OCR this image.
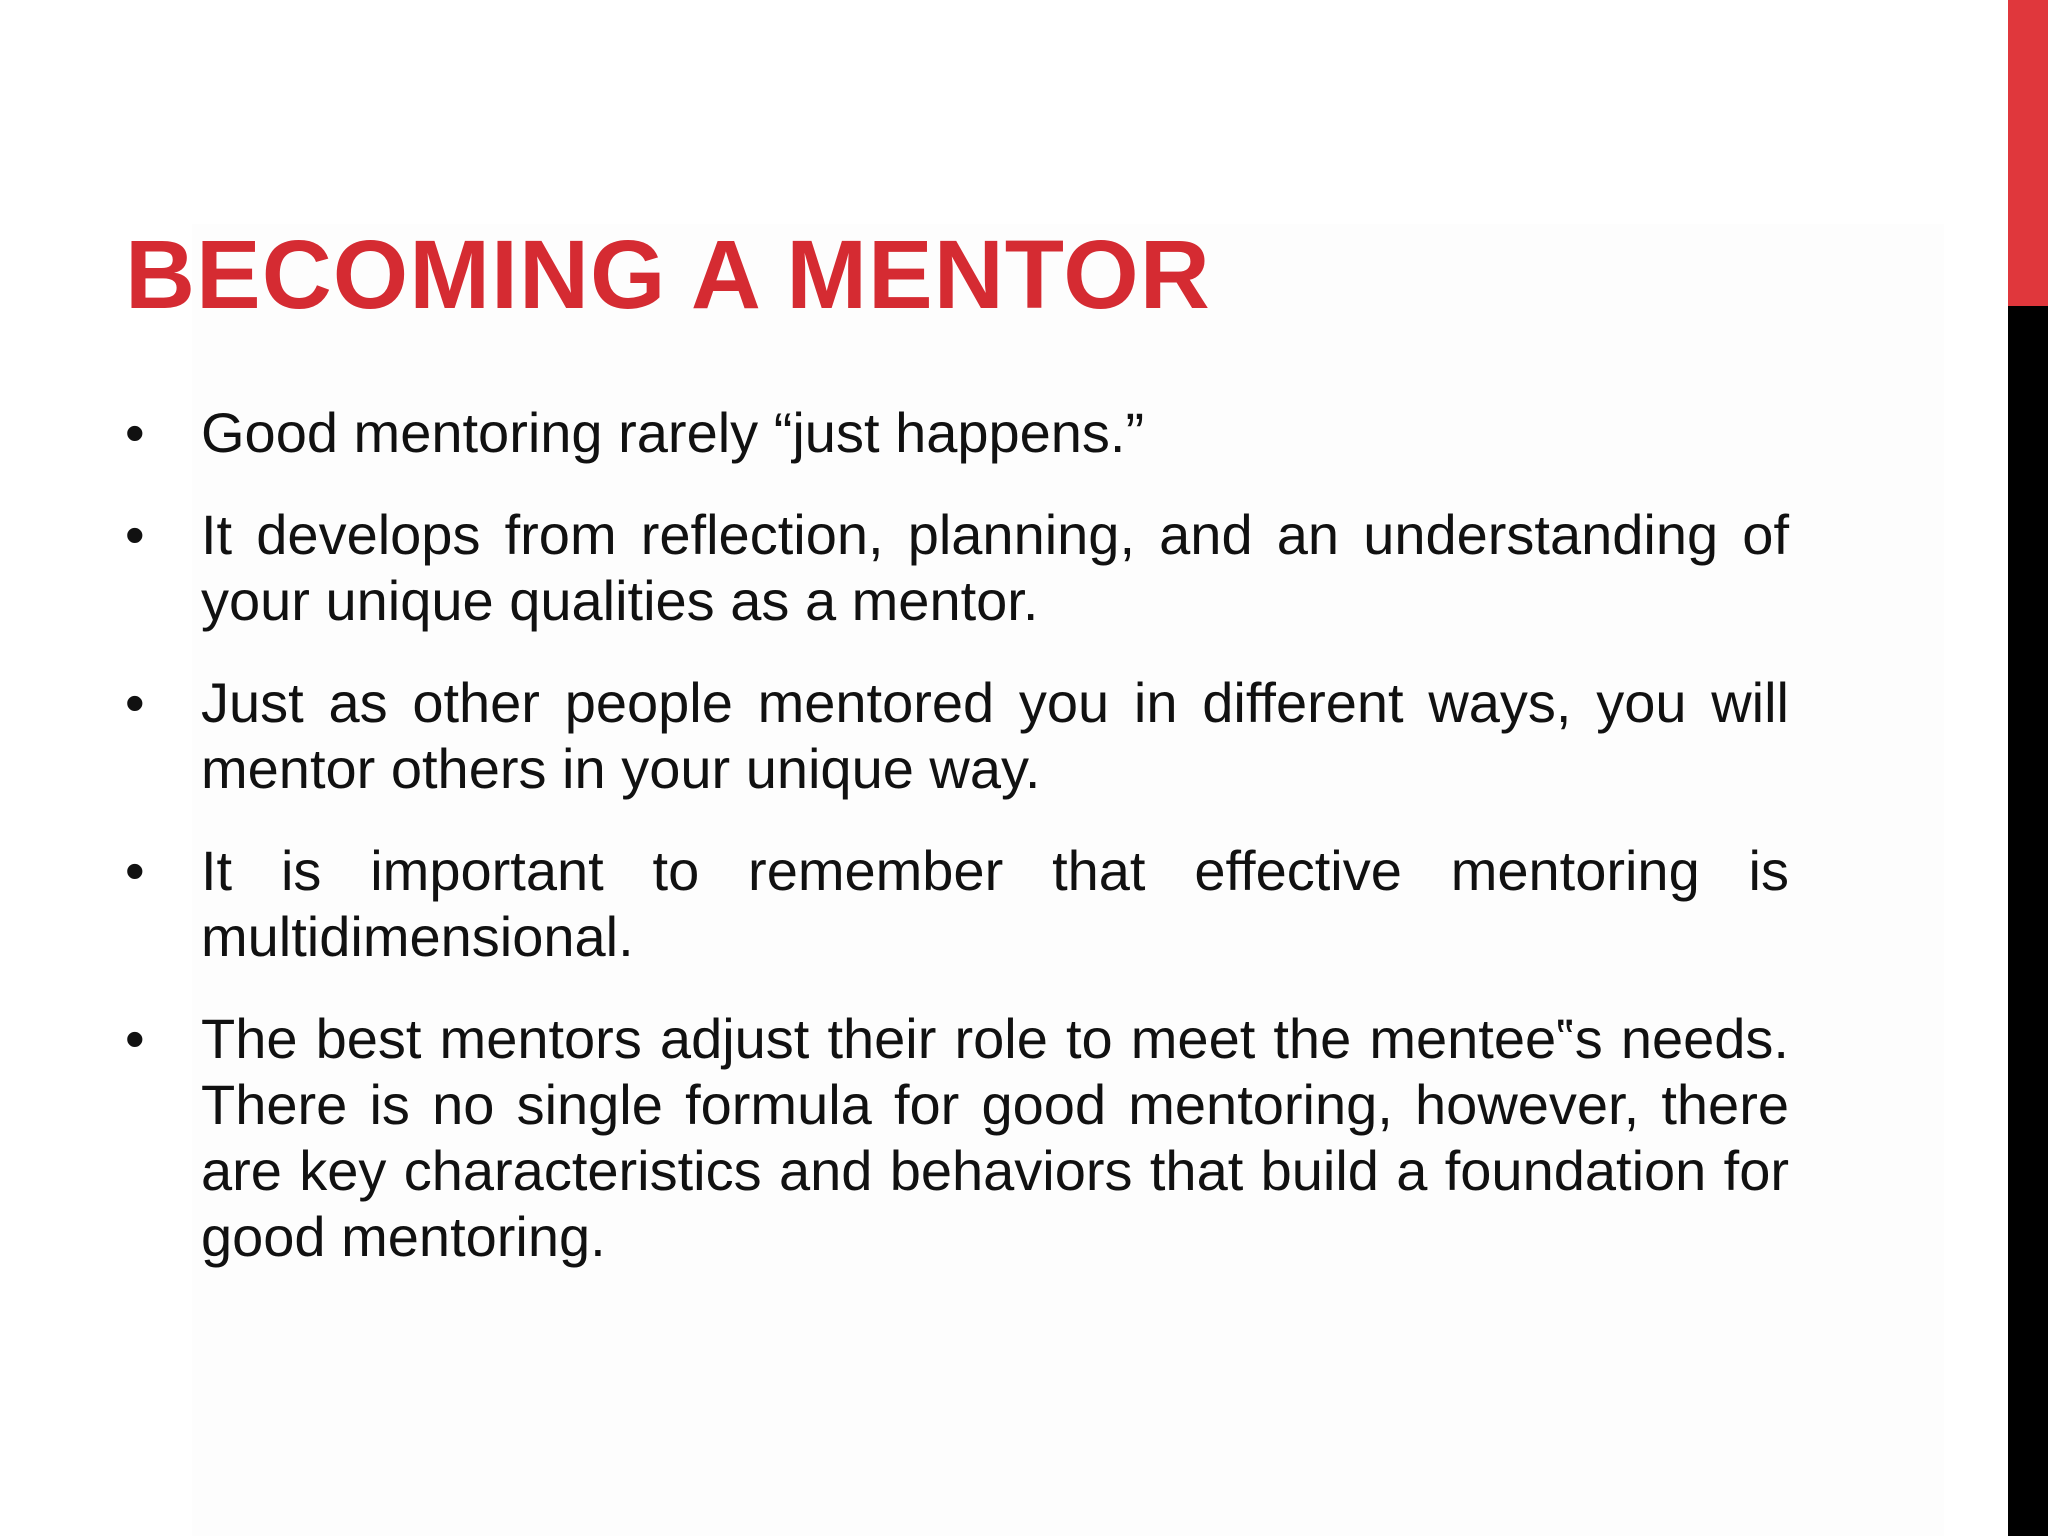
BECOMING A MENTOR
•	Good mentoring rarely “just happens.”
•	It develops from reflection, planning, and an understanding of your unique qualities as a mentor.
•	Just as other people mentored you in different ways, you will mentor others in your unique way.
•	It is important to remember that effective mentoring is multidimensional.
•	The best mentors adjust their role to meet the mentee‟s needs. There is no single formula for good mentoring, however, there are key characteristics and behaviors that build a foundation for good mentoring.
